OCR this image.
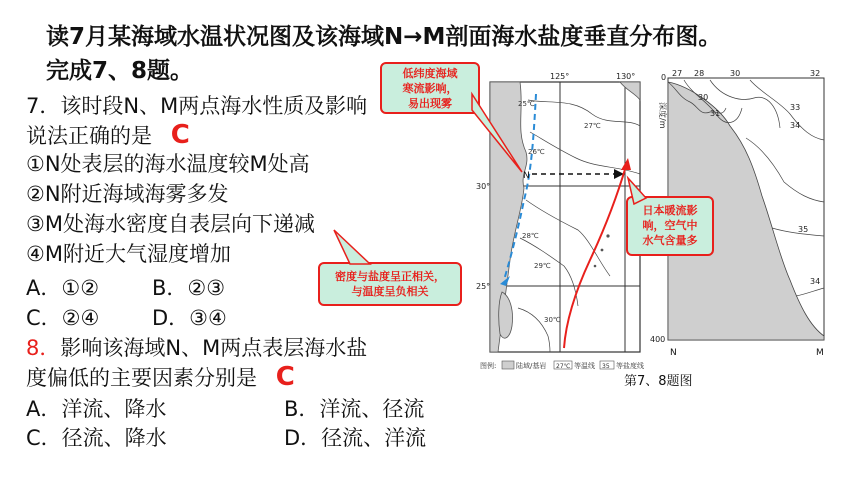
读7月某海域水温状况图及该海域N→M剖面海水盐度垂直分布图。
完成7、8题。
7．该时段N、M两点海水性质及影响
说法正确的是 C
①N处表层的海水温度较M处高
②N附近海域海雾多发
③M处海水密度自表层向下递减
④M附近大气湿度增加
A．①②	B．②③
C．②④	D．③④
8．影响该海域N、M两点表层海水盐
度偏低的主要因素分别是 C
A．洋流、降水	B．洋流、径流
C．径流、降水	D．径流、洋流
125°	130°
30°
25°
N
25℃
26℃
27℃
28℃
29℃
30℃
图例:	陆域/基岩 27℃ 等温线 35 等盐度线
27 28	30	32
0
400
深度/m
30
31
33
34
35
34
N	M
第7、8题图
低纬度海域
寒流影响，
易出现雾
日本暖流影
响，空气中
水气含量多
密度与盐度呈正相关，
与温度呈负相关
